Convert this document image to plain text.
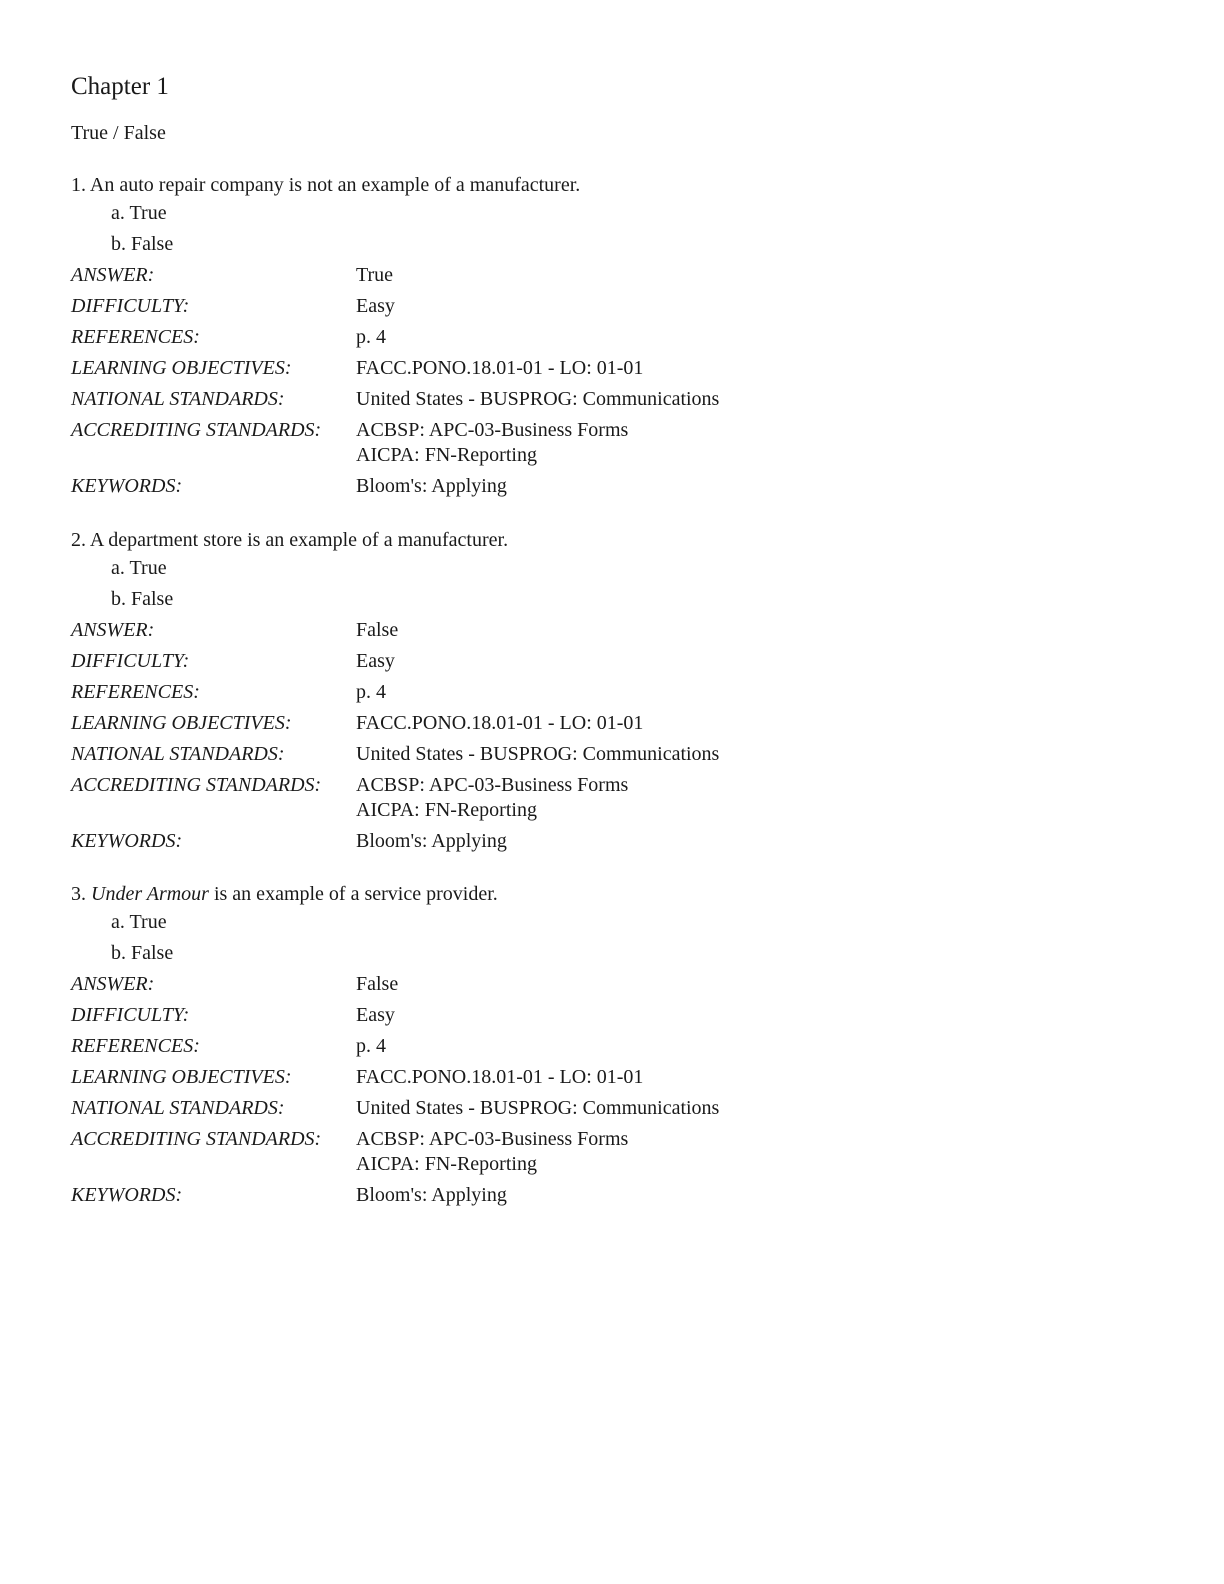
Chapter 1
True / False
1. An auto repair company is not an example of a manufacturer.
a. True
b. False
ANSWER:	True
DIFFICULTY:	Easy
REFERENCES:	p. 4
LEARNING OBJECTIVES:	FACC.PONO.18.01-01 - LO: 01-01
NATIONAL STANDARDS:	United States - BUSPROG: Communications
ACCREDITING STANDARDS: ACBSP: APC-03-Business Forms
AICPA: FN-Reporting
KEYWORDS:	Bloom's: Applying
2. A department store is an example of a manufacturer.
a. True
b. False
ANSWER:	False
DIFFICULTY:	Easy
REFERENCES:	p. 4
LEARNING OBJECTIVES:	FACC.PONO.18.01-01 - LO: 01-01
NATIONAL STANDARDS:	United States - BUSPROG: Communications
ACCREDITING STANDARDS: ACBSP: APC-03-Business Forms
AICPA: FN-Reporting
KEYWORDS:	Bloom's: Applying
3. Under Armour is an example of a service provider.
a. True
b. False
ANSWER:	False
DIFFICULTY:	Easy
REFERENCES:	p. 4
LEARNING OBJECTIVES:	FACC.PONO.18.01-01 - LO: 01-01
NATIONAL STANDARDS:	United States - BUSPROG: Communications
ACCREDITING STANDARDS: ACBSP: APC-03-Business Forms
AICPA: FN-Reporting
KEYWORDS:	Bloom's: Applying
